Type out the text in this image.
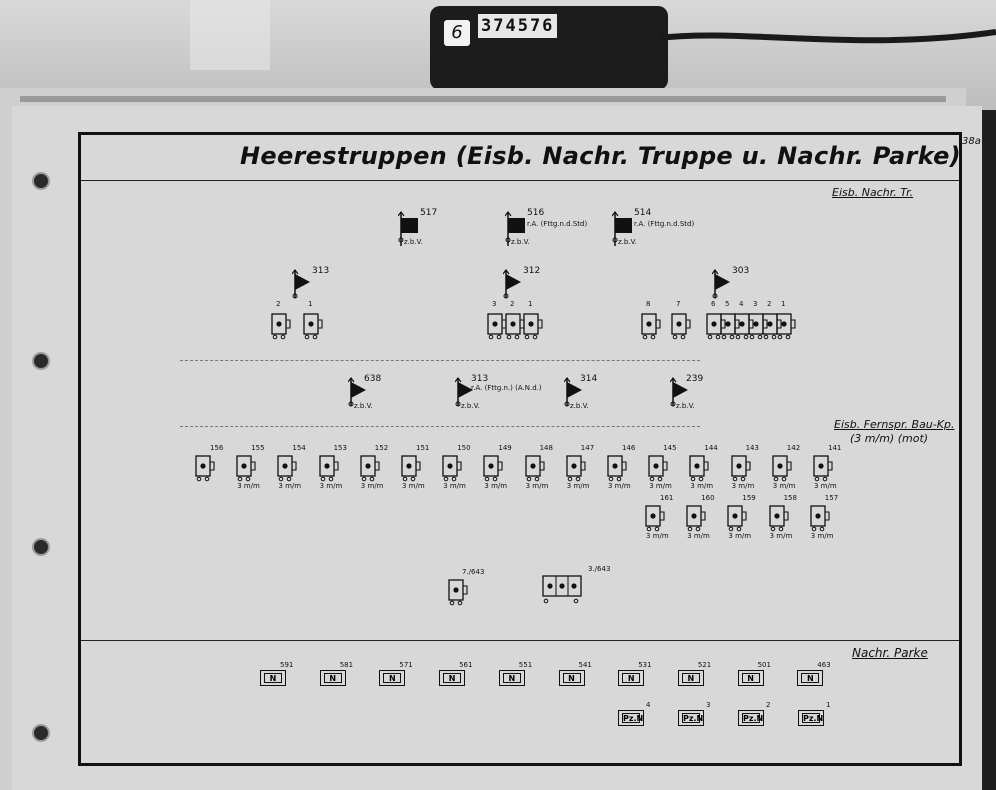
6	374576
Heerestruppen (Eisb. Nachr. Truppe u. Nachr. Parke)
38a
Eisb. Nachr. Tr.
Eisb. Fernspr. Bau-Kp.
(3 m/m) (mot)
Nachr. Parke
517
z.b.V.
516
r.A. (Fttg.n.d.Std)
z.b.V.
514
r.A. (Fttg.n.d.Std)
z.b.V.
313	312	303
2	1	3 2 1	8	7	6 5 4 3 2 1
638
z.b.V.
313
r.A. (Fttg.n.) (A.N.d.)
z.b.V.
314
z.b.V.
239
z.b.V.
156	155
3 m/m
154
3 m/m
153
3 m/m
152
3 m/m
151
3 m/m
150
3 m/m
149
3 m/m
148
3 m/m
147
3 m/m
146
3 m/m
145
3 m/m
144
3 m/m
143
3 m/m
142
3 m/m
141
3 m/m
161
3 m/m
160
3 m/m
159
3 m/m
158
3 m/m
157
3 m/m
7./643	3./643
N
591
N
581
N
571
N
561
N
551
N
541
N
531
N
521
N
501
N
463
Pz.N
4
Pz.N
3
Pz.N
2
Pz.N
1
